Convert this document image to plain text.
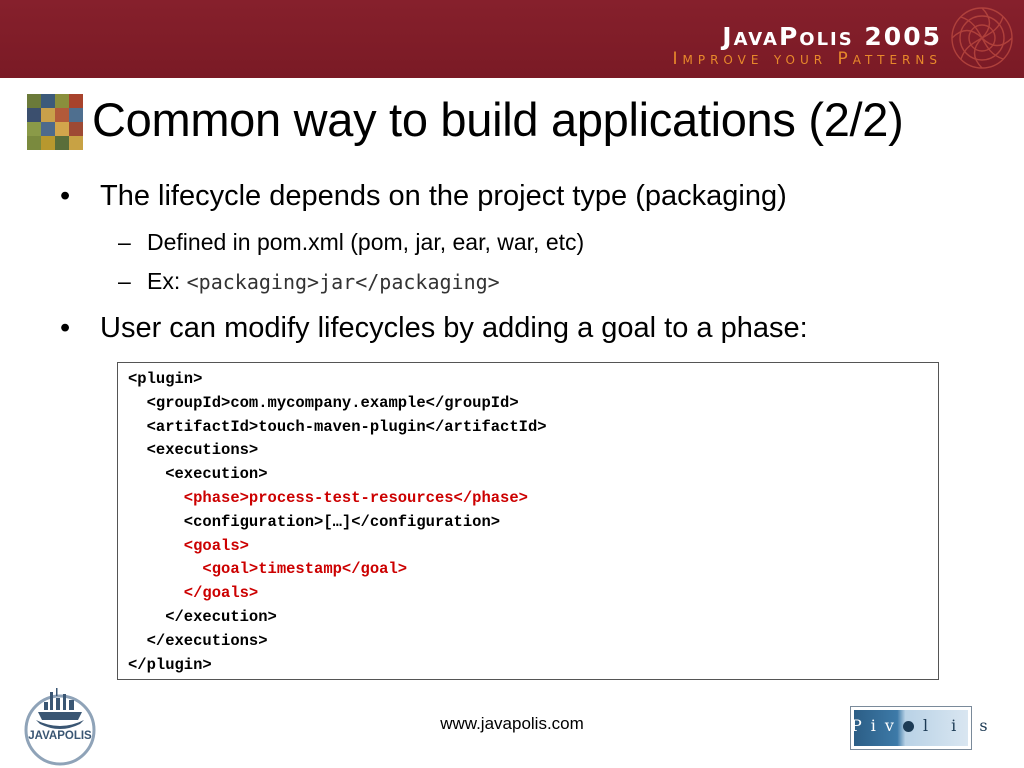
JavaPolis 2005
Improve your Patterns
Common way to build applications (2/2)
• The lifecycle depends on the project type (packaging)
– Defined in pom.xml (pom, jar, ear, war, etc)
– Ex: <packaging>jar</packaging>
• User can modify lifecycles by adding a goal to a phase:
<plugin>
<groupId>com.mycompany.example</groupId>
<artifactId>touch-maven-plugin</artifactId>
<executions>
<execution>
<phase>process-test-resources</phase>
<configuration>[…]</configuration>
<goals>
<goal>timestamp</goal>
</goals>
</execution>
</executions>
</plugin>
JAVAPOLIS
www.javapolis.com	Piv l i s
